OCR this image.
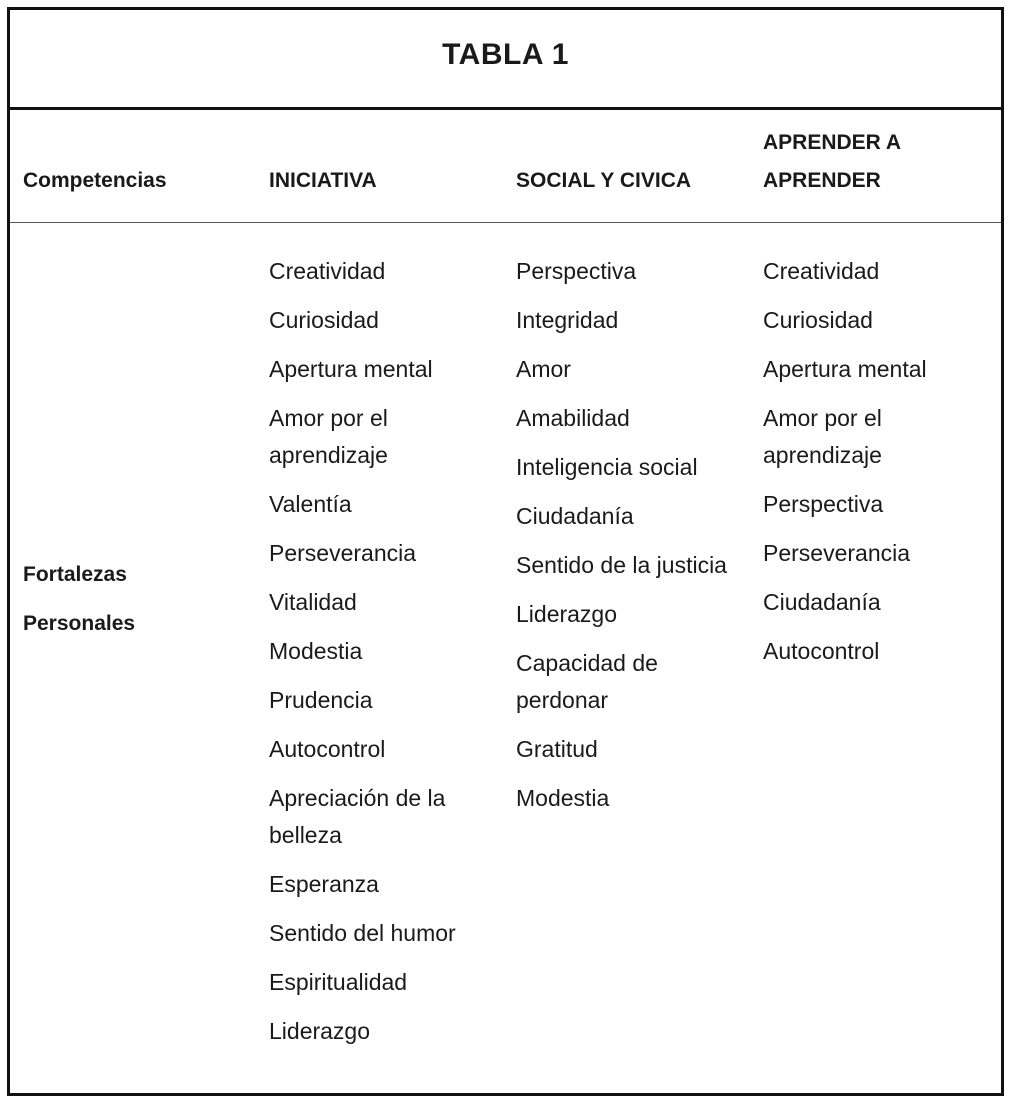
TABLA 1
Competencias	INICIATIVA	SOCIAL Y CIVICA
APRENDER A APRENDER
Fortalezas
Personales
Creatividad
Curiosidad
Apertura mental
Amor por el aprendizaje
Valentía
Perseverancia
Vitalidad
Modestia
Prudencia
Autocontrol
Apreciación de la belleza
Esperanza
Sentido del humor
Espiritualidad
Liderazgo
Perspectiva
Integridad
Amor
Amabilidad
Inteligencia social
Ciudadanía
Sentido de la justicia
Liderazgo
Capacidad de perdonar
Gratitud
Modestia
Creatividad
Curiosidad
Apertura mental
Amor por el aprendizaje
Perspectiva
Perseverancia
Ciudadanía
Autocontrol
